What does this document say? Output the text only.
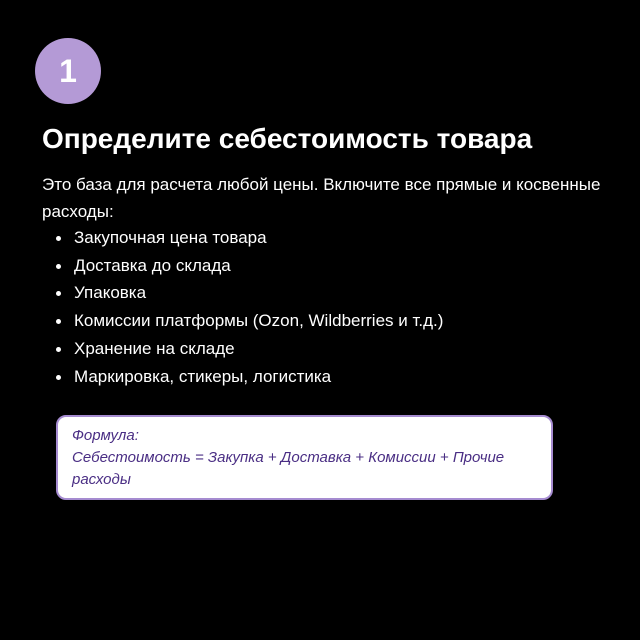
1
Определите себестоимость товара
Это база для расчета любой цены. Включите все прямые и косвенные расходы:
Закупочная цена товара
Доставка до склада
Упаковка
Комиссии платформы (Ozon, Wildberries и т.д.)
Хранение на складе
Маркировка, стикеры, логистика
Формула:
Себестоимость = Закупка + Доставка + Комиссии + Прочие расходы
